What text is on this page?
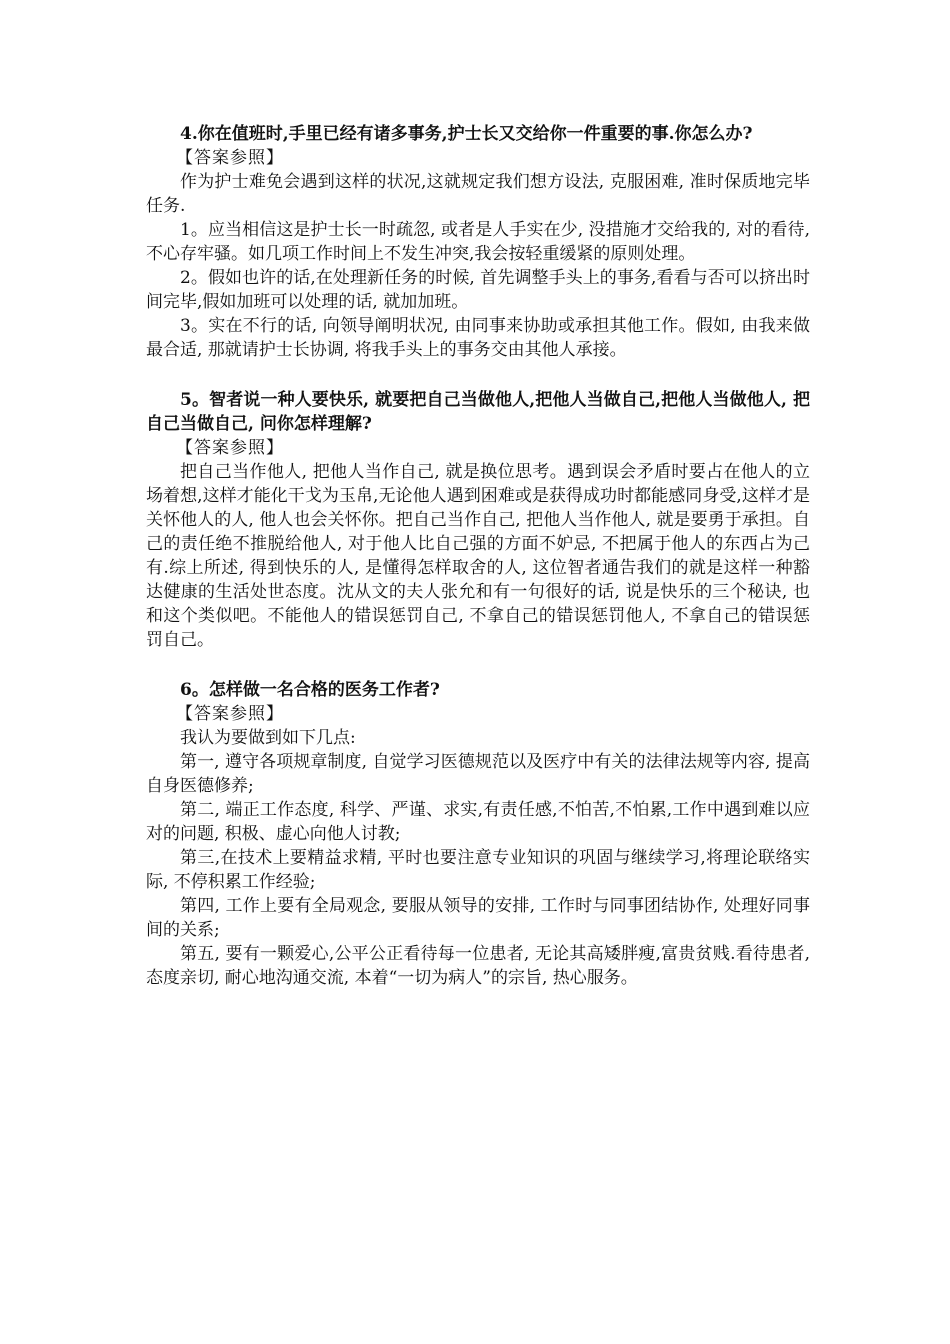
4.你在值班时,手里已经有诸多事务,护士长又交给你一件重要的事.你怎么办?

【答案参照】

作为护士难免会遇到这样的状况,这就规定我们想方设法, 克服困难, 准时保质地完毕任务.

1。应当相信这是护士长一时疏忽, 或者是人手实在少, 没措施才交给我的, 对的看待, 不心存牢骚。如几项工作时间上不发生冲突,我会按轻重缓紧的原则处理。

2。假如也许的话,在处理新任务的时候, 首先调整手头上的事务,看看与否可以挤出时间完毕,假如加班可以处理的话, 就加加班。

3。实在不行的话, 向领导阐明状况, 由同事来协助或承担其他工作。假如, 由我来做最合适, 那就请护士长协调, 将我手头上的事务交由其他人承接。

5。智者说一种人要快乐, 就要把自己当做他人,把他人当做自己,把他人当做他人, 把自己当做自己, 问你怎样理解?

【答案参照】

把自己当作他人, 把他人当作自己, 就是换位思考。遇到误会矛盾时要占在他人的立场着想,这样才能化干戈为玉帛,无论他人遇到困难或是获得成功时都能感同身受,这样才是关怀他人的人, 他人也会关怀你。把自己当作自己, 把他人当作他人, 就是要勇于承担。自己的责任绝不推脱给他人, 对于他人比自己强的方面不妒忌, 不把属于他人的东西占为己有.综上所述, 得到快乐的人, 是懂得怎样取舍的人, 这位智者通告我们的就是这样一种豁达健康的生活处世态度。沈从文的夫人张允和有一句很好的话, 说是快乐的三个秘诀, 也和这个类似吧。不能他人的错误惩罚自己, 不拿自己的错误惩罚他人, 不拿自己的错误惩罚自己。

6。怎样做一名合格的医务工作者?

【答案参照】

我认为要做到如下几点:

第一, 遵守各项规章制度, 自觉学习医德规范以及医疗中有关的法律法规等内容, 提高自身医德修养;

第二, 端正工作态度, 科学、严谨、求实,有责任感,不怕苦,不怕累,工作中遇到难以应对的问题, 积极、虚心向他人讨教;

第三,在技术上要精益求精, 平时也要注意专业知识的巩固与继续学习,将理论联络实际, 不停积累工作经验;

第四, 工作上要有全局观念, 要服从领导的安排, 工作时与同事团结协作, 处理好同事间的关系;

第五, 要有一颗爱心,公平公正看待每一位患者, 无论其高矮胖瘦,富贵贫贱.看待患者,态度亲切, 耐心地沟通交流, 本着“一切为病人”的宗旨, 热心服务。
